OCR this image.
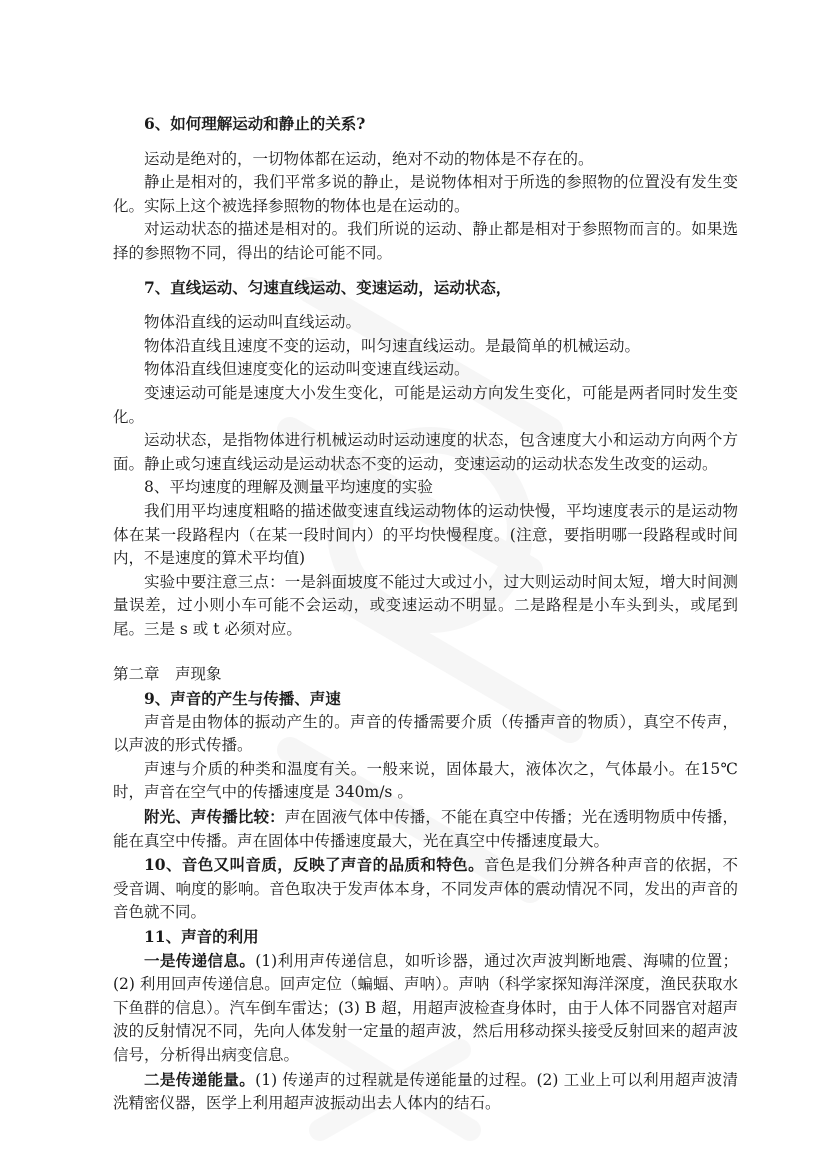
6、如何理解运动和静止的关系?

运动是绝对的，一切物体都在运动，绝对不动的物体是不存在的。

静止是相对的，我们平常多说的静止，是说物体相对于所选的参照物的位置没有发生变化。实际上这个被选择参照物的物体也是在运动的。

对运动状态的描述是相对的。我们所说的运动、静止都是相对于参照物而言的。如果选择的参照物不同，得出的结论可能不同。

7、直线运动、匀速直线运动、变速运动，运动状态，

物体沿直线的运动叫直线运动。

物体沿直线且速度不变的运动，叫匀速直线运动。是最简单的机械运动。

物体沿直线但速度变化的运动叫变速直线运动。

变速运动可能是速度大小发生变化，可能是运动方向发生变化，可能是两者同时发生变化。

运动状态，是指物体进行机械运动时运动速度的状态，包含速度大小和运动方向两个方面。静止或匀速直线运动是运动状态不变的运动，变速运动的运动状态发生改变的运动。

8、平均速度的理解及测量平均速度的实验

我们用平均速度粗略的描述做变速直线运动物体的运动快慢，平均速度表示的是运动物体在某一段路程内（在某一段时间内）的平均快慢程度。(注意，要指明哪一段路程或时间内，不是速度的算术平均值)

实验中要注意三点：一是斜面坡度不能过大或过小，过大则运动时间太短，增大时间测量误差，过小则小车可能不会运动，或变速运动不明显。二是路程是小车头到头，或尾到尾。三是 s 或 t 必须对应。

第二章　声现象

9、声音的产生与传播、声速

声音是由物体的振动产生的。声音的传播需要介质（传播声音的物质），真空不传声，以声波的形式传播。

声速与介质的种类和温度有关。一般来说，固体最大，液体次之，气体最小。在15℃时，声音在空气中的传播速度是 340m/s 。

附光、声传播比较：声在固液气体中传播，不能在真空中传播；光在透明物质中传播，能在真空中传播。声在固体中传播速度最大，光在真空中传播速度最大。

10、音色又叫音质，反映了声音的品质和特色。音色是我们分辨各种声音的依据，不受音调、响度的影响。音色取决于发声体本身，不同发声体的震动情况不同，发出的声音的音色就不同。

11、声音的利用

一是传递信息。(1)利用声传递信息，如听诊器，通过次声波判断地震、海啸的位置；(2) 利用回声传递信息。回声定位（蝙蝠、声呐）。声呐（科学家探知海洋深度，渔民获取水下鱼群的信息）。汽车倒车雷达；(3) B 超，用超声波检查身体时，由于人体不同器官对超声波的反射情况不同，先向人体发射一定量的超声波，然后用移动探头接受反射回来的超声波信号，分析得出病变信息。

二是传递能量。(1) 传递声的过程就是传递能量的过程。(2) 工业上可以利用超声波清洗精密仪器，医学上利用超声波振动出去人体内的结石。
